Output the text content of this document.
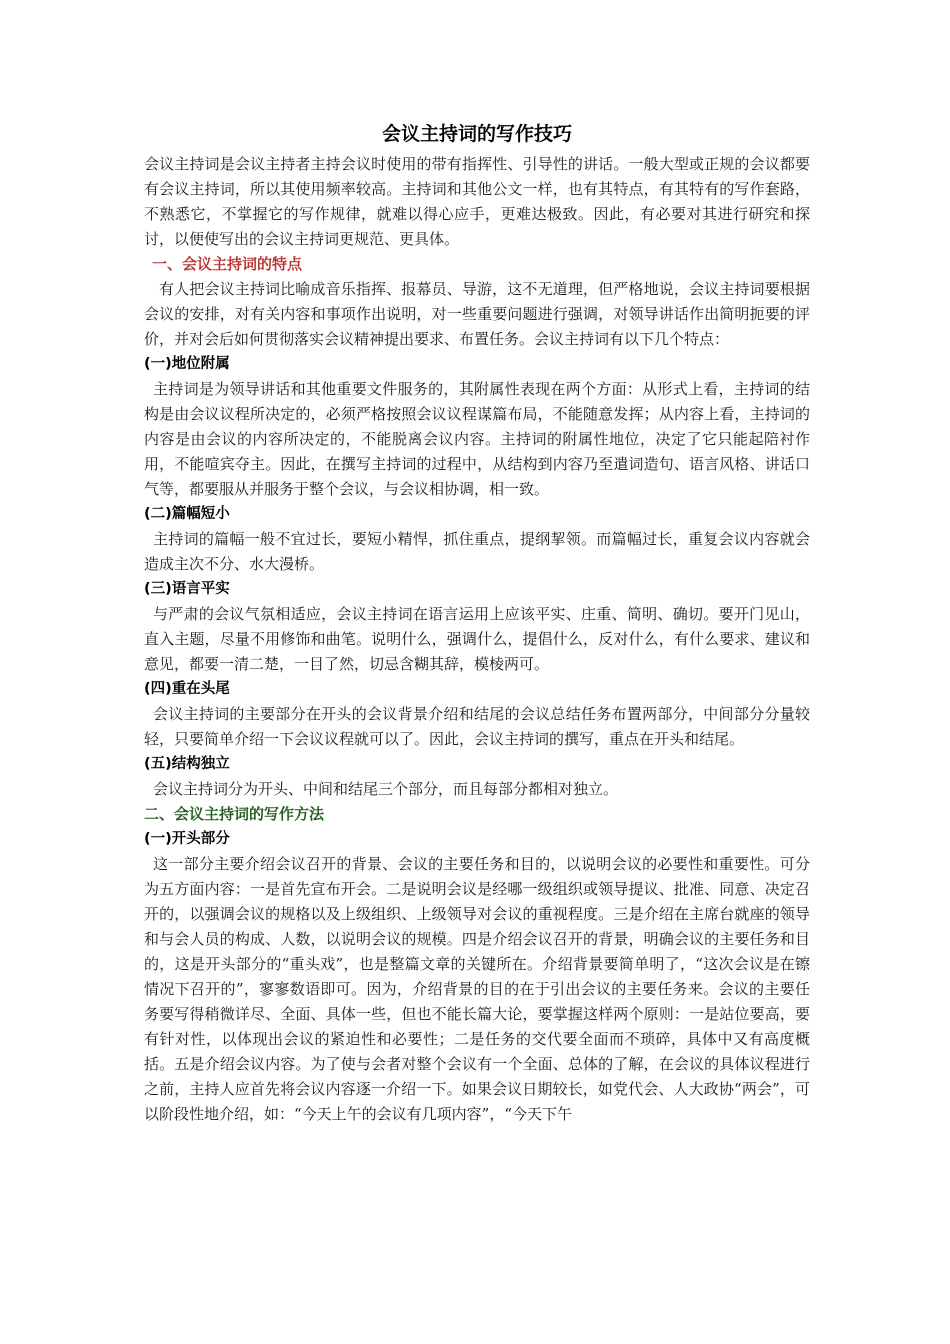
会议主持词的写作技巧

会议主持词是会议主持者主持会议时使用的带有指挥性、引导性的讲话。一般大型或正规的会议都要有会议主持词，所以其使用频率较高。主持词和其他公文一样，也有其特点，有其特有的写作套路，不熟悉它，不掌握它的写作规律，就难以得心应手，更难达极致。因此，有必要对其进行研究和探讨，以便使写出的会议主持词更规范、更具体。

一、会议主持词的特点

有人把会议主持词比喻成音乐指挥、报幕员、导游，这不无道理，但严格地说，会议主持词要根据会议的安排，对有关内容和事项作出说明，对一些重要问题进行强调，对领导讲话作出简明扼要的评价，并对会后如何贯彻落实会议精神提出要求、布置任务。会议主持词有以下几个特点：

(一)地位附属

主持词是为领导讲话和其他重要文件服务的，其附属性表现在两个方面：从形式上看，主持词的结构是由会议议程所决定的，必须严格按照会议议程谋篇布局，不能随意发挥；从内容上看，主持词的内容是由会议的内容所决定的，不能脱离会议内容。主持词的附属性地位，决定了它只能起陪衬作用，不能喧宾夺主。因此，在撰写主持词的过程中，从结构到内容乃至遣词造句、语言风格、讲话口气等，都要服从并服务于整个会议，与会议相协调，相一致。

(二)篇幅短小

主持词的篇幅一般不宜过长，要短小精悍，抓住重点，提纲挈领。而篇幅过长，重复会议内容就会造成主次不分、水大漫桥。

(三)语言平实

与严肃的会议气氛相适应，会议主持词在语言运用上应该平实、庄重、简明、确切。要开门见山，直入主题，尽量不用修饰和曲笔。说明什么，强调什么，提倡什么，反对什么，有什么要求、建议和意见，都要一清二楚，一目了然，切忌含糊其辞，模棱两可。

(四)重在头尾

会议主持词的主要部分在开头的会议背景介绍和结尾的会议总结任务布置两部分，中间部分分量较轻，只要简单介绍一下会议议程就可以了。因此，会议主持词的撰写，重点在开头和结尾。

(五)结构独立

会议主持词分为开头、中间和结尾三个部分，而且每部分都相对独立。

二、会议主持词的写作方法

(一)开头部分

这一部分主要介绍会议召开的背景、会议的主要任务和目的，以说明会议的必要性和重要性。可分为五方面内容：一是首先宣布开会。二是说明会议是经哪一级组织或领导提议、批准、同意、决定召开的，以强调会议的规格以及上级组织、上级领导对会议的重视程度。三是介绍在主席台就座的领导和与会人员的构成、人数，以说明会议的规模。四是介绍会议召开的背景，明确会议的主要任务和目的，这是开头部分的“重头戏”，也是整篇文章的关键所在。介绍背景要简单明了，“这次会议是在镲情况下召开的”，寥寥数语即可。因为，介绍背景的目的在于引出会议的主要任务来。会议的主要任务要写得稍微详尽、全面、具体一些，但也不能长篇大论，要掌握这样两个原则：一是站位要高，要有针对性，以体现出会议的紧迫性和必要性；二是任务的交代要全面而不琐碎，具体中又有高度概括。五是介绍会议内容。为了使与会者对整个会议有一个全面、总体的了解，在会议的具体议程进行之前，主持人应首先将会议内容逐一介绍一下。如果会议日期较长，如党代会、人大政协“两会”，可以阶段性地介绍，如：“今天上午的会议有几项内容”，“今天下午
